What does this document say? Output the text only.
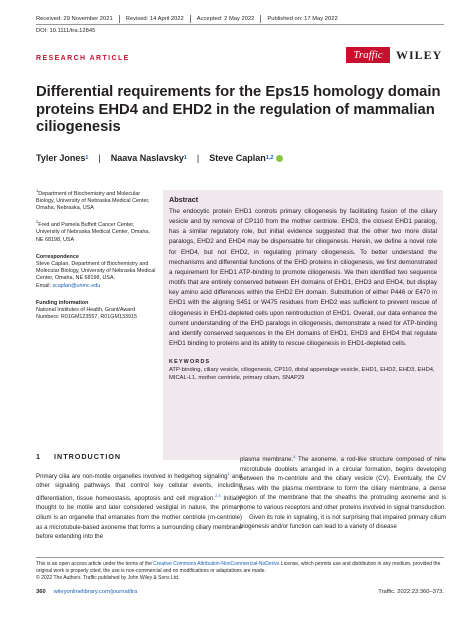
Received: 29 November 2021	Revised: 14 April 2022	Accepted: 2 May 2022	Published on: 17 May 2022
DOI: 10.1111/tra.12845
RESEARCH ARTICLE	Traffic	WILEY
Differential requirements for the Eps15 homology domain proteins EHD4 and EHD2 in the regulation of mammalian ciliogenesis
Tyler Jones 1 | Naava Naslavsky 1 | Steve Caplan 1,2
$^1$Department of Biochemistry and Molecular Biology, University of Nebraska Medical Center, Omaha, Nebraska, USA
$^2$Fred and Pamela Buffett Cancer Center, University of Nebraska Medical Center, Omaha, NE 68198, USA
Correspondence
Steve Caplan, Department of Biochemistry and Molecular Biology, University of Nebraska Medical Center, Omaha, NE 68198, USA.
Email: scaplan@unmc.edu
Funding information
National Institutes of Health, Grant/Award Numbers: R01GM123557, R01GM133915
Abstract

The endocytic protein EHD1 controls primary ciliogenesis by facilitating fusion of the ciliary vesicle and by removal of CP110 from the mother centriole. EHD3, the closest EHD1 paralog, has a similar regulatory role, but initial evidence suggested that the other two more distal paralogs, EHD2 and EHD4 may be dispensable for ciliogenesis. Herein, we define a novel role for EHD4, but not EHD2, in regulating primary ciliogenesis. To better understand the mechanisms and differential functions of the EHD proteins in ciliogenesis, we first demonstrated a requirement for EHD1 ATP-binding to promote ciliogenesis. We then identified two sequence motifs that are entirely conserved between EH domains of EHD1, EHD3 and EHD4, but display key amino acid differences within the EHD2 EH domain. Substitution of either P446 or E470 in EHD1 with the aligning S451 or W475 residues from EHD2 was sufficient to prevent rescue of ciliogenesis in EHD1-depleted cells upon reintroduction of EHD1. Overall, our data enhance the current understanding of the EHD paralogs in ciliogenesis, demonstrate a need for ATP-binding and identify conserved sequences in the EH domains of EHD1, EHD3 and EHD4 that regulate EHD1 binding to proteins and its ability to rescue ciliogenesis in EHD1-depleted cells.

KEYWORDS
ATP-binding, ciliary vesicle, ciliogenesis, CP110, distal appendage vesicle, EHD1, EHD2, EHD3, EHD4, MICAL-L1, mother centriole, primary cilium, SNAP29
1 INTRODUCTION

Primary cilia are non-motile organelles involved in hedgehog signaling$^1$ and other signaling pathways that control key cellular events, including differentiation, tissue homeostasis, apoptosis and cell migration.$^{2,3}$ Initially thought to be motile and later considered vestigial in nature, the primary cilium is an organelle that emanates from the mother centriole (m-centriole) as a microtubule-based axoneme that forms a surrounding ciliary membrane before extending into the

plasma membrane.$^4$ The axoneme, a rod-like structure composed of nine microtubule doublets arranged in a circular formation, begins developing between the m-centriole and the ciliary vesicle (CV). Eventually, the CV fuses with the plasma membrane to form the ciliary membrane, a dense region of the membrane that the sheaths the protruding axoneme and is home to various receptors and other proteins involved in signal transduction.

Given its role in signaling, it is not surprising that impaired primary cilium biogenesis and/or function can lead to a variety of disease

This is an open access article under the terms of the Creative Commons Attribution-NonCommercial-NoDerivs License, which permits use and distribution in any medium, provided the original work is properly cited, the use is non-commercial and no modifications or adaptations are made.
© 2022 The Authors. Traffic published by John Wiley & Sons Ltd.
360 wileyonlinelibrary.com/journal/tra	Traffic. 2022;23:360–373.
